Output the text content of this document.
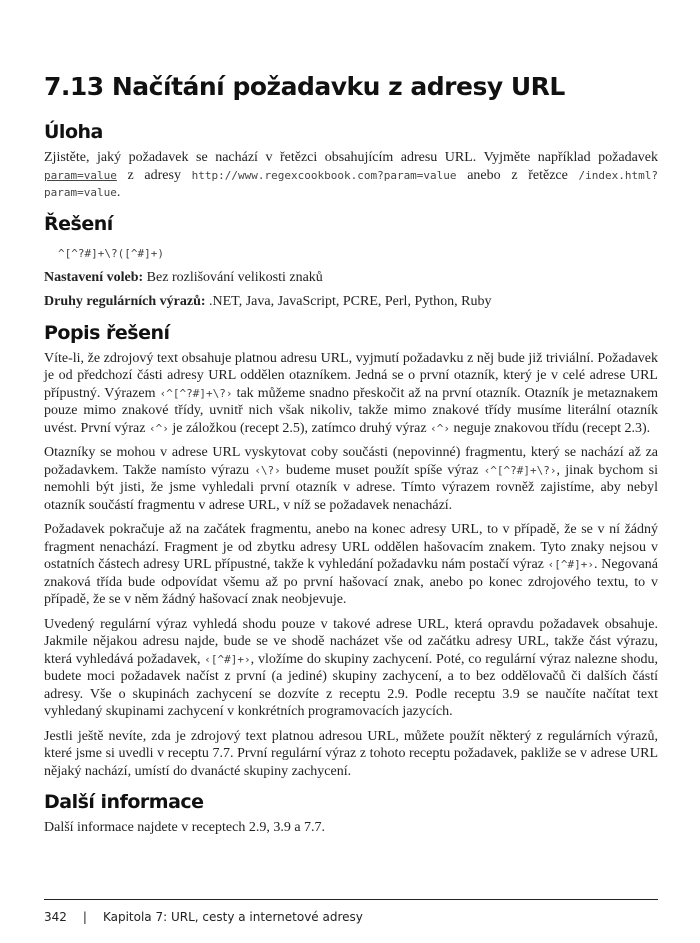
7.13 Načítání požadavku z adresy URL
Úloha

Zjistěte, jaký požadavek se nachází v řetězci obsahujícím adresu URL. Vyjměte například požadavek param=value z adresy http://www.regexcookbook.com?param=value anebo z řetězce /index.html?param=value.

Řešení
^[^?#]+\?([^#]+)

Nastavení voleb: Bez rozlišování velikosti znaků

Druhy regulárních výrazů: .NET, Java, JavaScript, PCRE, Perl, Python, Ruby

Popis řešení

Víte-li, že zdrojový text obsahuje platnou adresu URL, vyjmutí požadavku z něj bude již triviální. Požadavek je od předchozí části adresy URL oddělen otazníkem. Jedná se o první otazník, který je v celé adrese URL přípustný. Výrazem ‹^[^?#]+\?› tak můžeme snadno přeskočit až na první otazník. Otazník je metaznakem pouze mimo znakové třídy, uvnitř nich však nikoliv, takže mimo znakové třídy musíme literální otazník uvést. První výraz ‹^› je záložkou (recept 2.5), zatímco druhý výraz ‹^› neguje znakovou třídu (recept 2.3).

Otazníky se mohou v adrese URL vyskytovat coby součásti (nepovinné) fragmentu, který se nachází až za požadavkem. Takže namísto výrazu ‹\?› budeme muset použít spíše výraz ‹^[^?#]+\?›, jinak bychom si nemohli být jisti, že jsme vyhledali první otazník v adrese. Tímto výrazem rovněž zajistíme, aby nebyl otazník součástí fragmentu v adrese URL, v níž se požadavek nenachází.

Požadavek pokračuje až na začátek fragmentu, anebo na konec adresy URL, to v případě, že se v ní žádný fragment nenachází. Fragment je od zbytku adresy URL oddělen hašovacím znakem. Tyto znaky nejsou v ostatních částech adresy URL přípustné, takže k vyhledání požadavku nám postačí výraz ‹[^#]+›. Negovaná znaková třída bude odpovídat všemu až po první hašovací znak, anebo po konec zdrojového textu, to v případě, že se v něm žádný hašovací znak neobjevuje.

Uvedený regulární výraz vyhledá shodu pouze v takové adrese URL, která opravdu požadavek obsahuje. Jakmile nějakou adresu najde, bude se ve shodě nacházet vše od začátku adresy URL, takže část výrazu, která vyhledává požadavek, ‹[^#]+›, vložíme do skupiny zachycení. Poté, co regulární výraz nalezne shodu, budete moci požadavek načíst z první (a jediné) skupiny zachycení, a to bez oddělovačů či dalších částí adresy. Vše o skupinách zachycení se dozvíte z receptu 2.9. Podle receptu 3.9 se naučíte načítat text vyhledaný skupinami zachycení v konkrétních programovacích jazycích.

Jestli ještě nevíte, zda je zdrojový text platnou adresou URL, můžete použít některý z regulárních výrazů, které jsme si uvedli v receptu 7.7. První regulární výraz z tohoto receptu požadavek, pakliže se v adrese URL nějaký nachází, umístí do dvanácté skupiny zachycení.

Další informace

Další informace najdete v receptech 2.9, 3.9 a 7.7.

342 | Kapitola 7: URL, cesty a internetové adresy
